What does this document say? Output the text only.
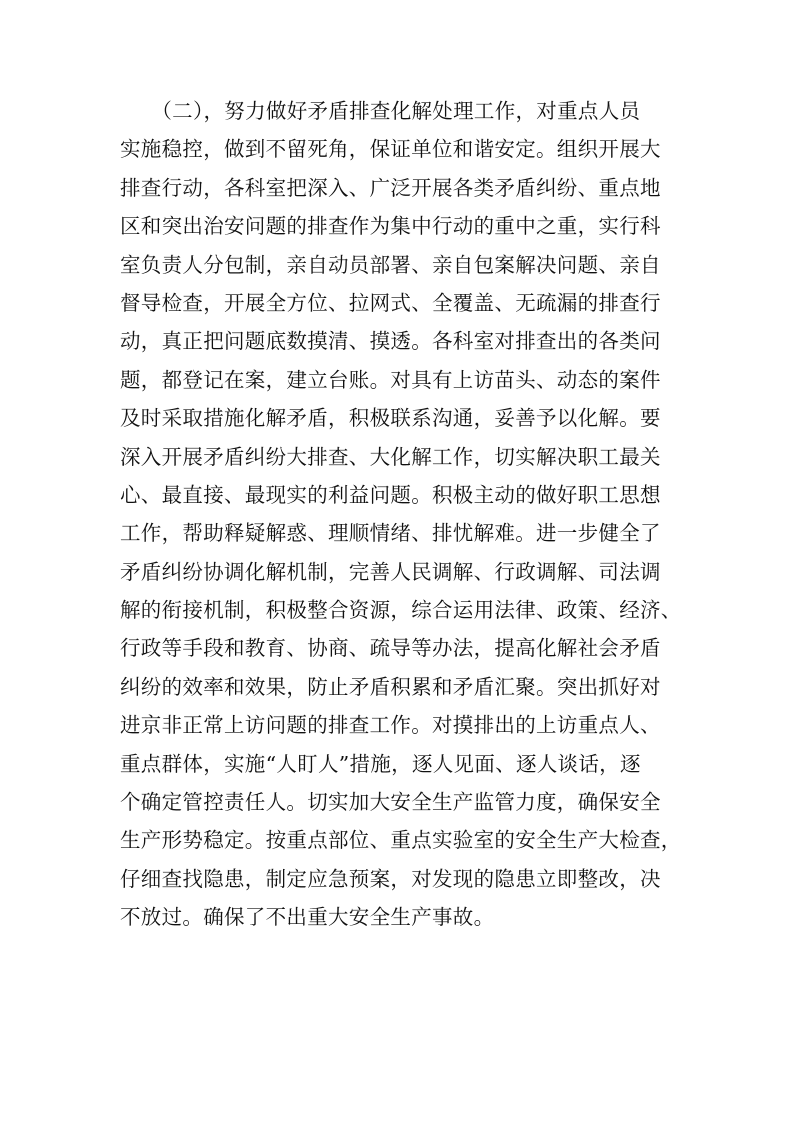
　　（二），努力做好矛盾排查化解处理工作，对重点人员
实施稳控，做到不留死角，保证单位和谐安定。组织开展大
排查行动，各科室把深入、广泛开展各类矛盾纠纷、重点地
区和突出治安问题的排查作为集中行动的重中之重，实行科
室负责人分包制，亲自动员部署、亲自包案解决问题、亲自
督导检查，开展全方位、拉网式、全覆盖、无疏漏的排查行
动，真正把问题底数摸清、摸透。各科室对排查出的各类问
题，都登记在案，建立台账。对具有上访苗头、动态的案件
及时采取措施化解矛盾，积极联系沟通，妥善予以化解。要
深入开展矛盾纠纷大排查、大化解工作，切实解决职工最关
心、最直接、最现实的利益问题。积极主动的做好职工思想
工作，帮助释疑解惑、理顺情绪、排忧解难。进一步健全了
矛盾纠纷协调化解机制，完善人民调解、行政调解、司法调
解的衔接机制，积极整合资源，综合运用法律、政策、经济、
行政等手段和教育、协商、疏导等办法，提高化解社会矛盾
纠纷的效率和效果，防止矛盾积累和矛盾汇聚。突出抓好对
进京非正常上访问题的排查工作。对摸排出的上访重点人、
重点群体，实施“人盯人”措施，逐人见面、逐人谈话，逐
个确定管控责任人。切实加大安全生产监管力度，确保安全
生产形势稳定。按重点部位、重点实验室的安全生产大检查，
仔细查找隐患，制定应急预案，对发现的隐患立即整改，决
不放过。确保了不出重大安全生产事故。
